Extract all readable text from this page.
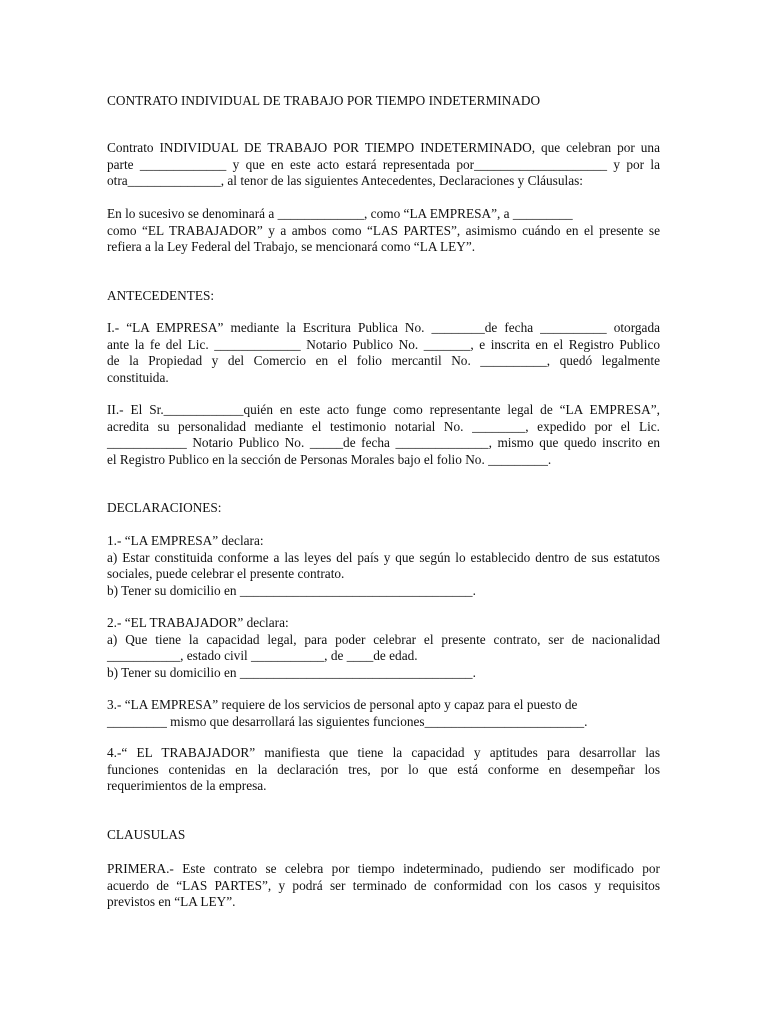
CONTRATO INDIVIDUAL DE TRABAJO POR TIEMPO INDETERMINADO
Contrato INDIVIDUAL DE TRABAJO POR TIEMPO INDETERMINADO, que celebran por una
parte _____________ y que en este acto estará representada por____________________ y por la
otra______________, al tenor de las siguientes Antecedentes, Declaraciones y Cláusulas:
En lo sucesivo se denominará a _____________, como “LA EMPRESA”, a _________
como “EL TRABAJADOR” y a ambos como “LAS PARTES”, asimismo cuándo en el presente se
refiera a la Ley Federal del Trabajo, se mencionará como “LA LEY”.
ANTECEDENTES:
I.- “LA EMPRESA” mediante la Escritura Publica No. ________de fecha __________ otorgada
ante la fe del Lic. _____________ Notario Publico No. _______, e inscrita en el Registro Publico
de la Propiedad y del Comercio en el folio mercantil No. __________, quedó legalmente
constituida.
II.- El Sr.____________quién en este acto funge como representante legal de “LA EMPRESA”,
acredita su personalidad mediante el testimonio notarial No. ________, expedido por el Lic.
____________ Notario Publico No. _____de fecha ______________, mismo que quedo inscrito en
el Registro Publico en la sección de Personas Morales bajo el folio No. _________.
DECLARACIONES:
1.- “LA EMPRESA” declara:
a) Estar constituida conforme a las leyes del país y que según lo establecido dentro de sus estatutos
sociales, puede celebrar el presente contrato.
b) Tener su domicilio en ___________________________________.
2.- “EL TRABAJADOR” declara:
a) Que tiene la capacidad legal, para poder celebrar el presente contrato, ser de nacionalidad
___________, estado civil ___________, de ____de edad.
b) Tener su domicilio en ___________________________________.
3.- “LA EMPRESA” requiere de los servicios de personal apto y capaz para el puesto de
_________ mismo que desarrollará las siguientes funciones________________________.
4.-“ EL TRABAJADOR” manifiesta que tiene la capacidad y aptitudes para desarrollar las
funciones contenidas en la declaración tres, por lo que está conforme en desempeñar los
requerimientos de la empresa.
CLAUSULAS
PRIMERA.- Este contrato se celebra por tiempo indeterminado, pudiendo ser modificado por
acuerdo de “LAS PARTES”, y podrá ser terminado de conformidad con los casos y requisitos
previstos en “LA LEY”.
